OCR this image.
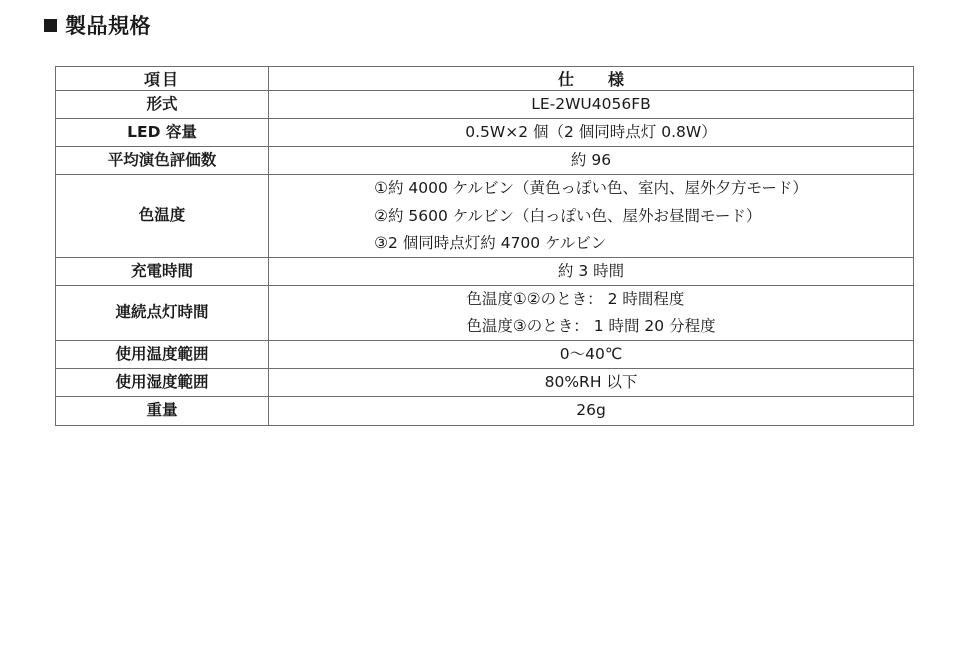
製品規格
項目	仕　様
形式	LE-2WU4056FB

LED 容量	0.5W×2 個（2 個同時点灯 0.8W）

平均演色評価数	約 96

色温度	①約 4000 ケルビン（黄色っぽい色、室内、屋外夕方モード）
②約 5600 ケルビン（白っぽい色、屋外お昼間モード）
③2 個同時点灯約 4700 ケルビン

充電時間	約 3 時間

連続点灯時間	色温度①②のとき： 2 時間程度
色温度③のとき： 1 時間 20 分程度

使用温度範囲	0〜40℃

使用湿度範囲	80%RH 以下

重量	26g
